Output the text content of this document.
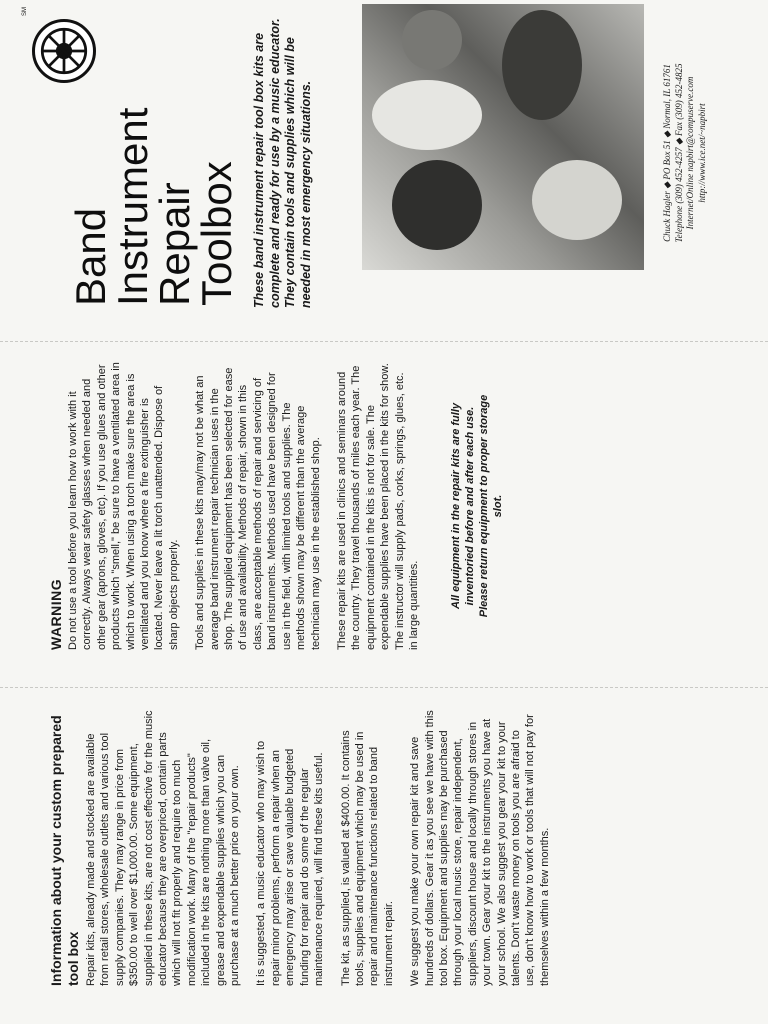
Information about your custom prepared tool box Repair kits, already made and stocked are available from retail stores, wholesale outlets and various tool supply companies. They may range in price from $350.00 to well over $1,000.00. Some equipment, supplied in these kits, are not cost effective for the music educator because they are overpriced, contain parts which will not fit properly and require too much modification work. Many of the "repair products" included in the kits are nothing more than valve oil, grease and expendable supplies which you can purchase at a much better price on your own. It is suggested, a music educator who may wish to repair minor problems, perform a repair when an emergency may arise or save valuable budgeted funding for repair and do some of the regular maintenance required, will find these kits useful. The kit, as supplied, is valued at $400.00. It contains tools, supplies and equipment which may be used in repair and maintenance functions related to band instrument repair. We suggest you make your own repair kit and save hundreds of dollars. Gear it as you see we have with this tool box. Equipment and supplies may be purchased through your local music store, repair independent, suppliers, discount house and locally through stores in your town. Gear your kit to the instruments you have at your school. We also suggest you gear your kit to your talents. Don't waste money on tools you are afraid to use, don't know how to work or tools that will not pay for themselves within a few months.

WARNING Do not use a tool before you learn how to work with it correctly. Always wear safety glasses when needed and other gear (aprons, gloves, etc). If you use glues and other products which "smell," be sure to have a ventilated area in which to work. When using a torch make sure the area is ventilated and you know where a fire extinguisher is located. Never leave a lit torch unattended. Dispose of sharp objects properly. Tools and supplies in these kits may/may not be what an average band instrument repair technician uses in the shop. The supplied equipment has been selected for ease of use and availability. Methods of repair, shown in this class, are acceptable methods of repair and servicing of band instruments. Methods used have been designed for use in the field, with limited tools and supplies. The methods shown may be different than the average technician may use in the established shop. These repair kits are used in clinics and seminars around the country. They travel thousands of miles each year. The equipment contained in the kits is not for sale. The expendable supplies have been placed in the kits for show. The instructor will supply pads, corks, springs, glues, etc. in large quantities.	All equipment in the repair kits are fully inventoried before and after each use. Please return equipment to proper storage slot.
Band
Instrument
Repair
Toolbox
SM
These band instrument repair tool box kits are complete and ready for use by a music educator. They contain tools and supplies which will be needed in most emergency situations.	Chuck Hagler ◆ PO Box 51 ◆ Normal, IL 61761 Telephone (309) 452-4257 ◆ Fax (309) 452-4825 Internet/Online napbirt@compuserve.com http://www.ice.net/~napbirt
